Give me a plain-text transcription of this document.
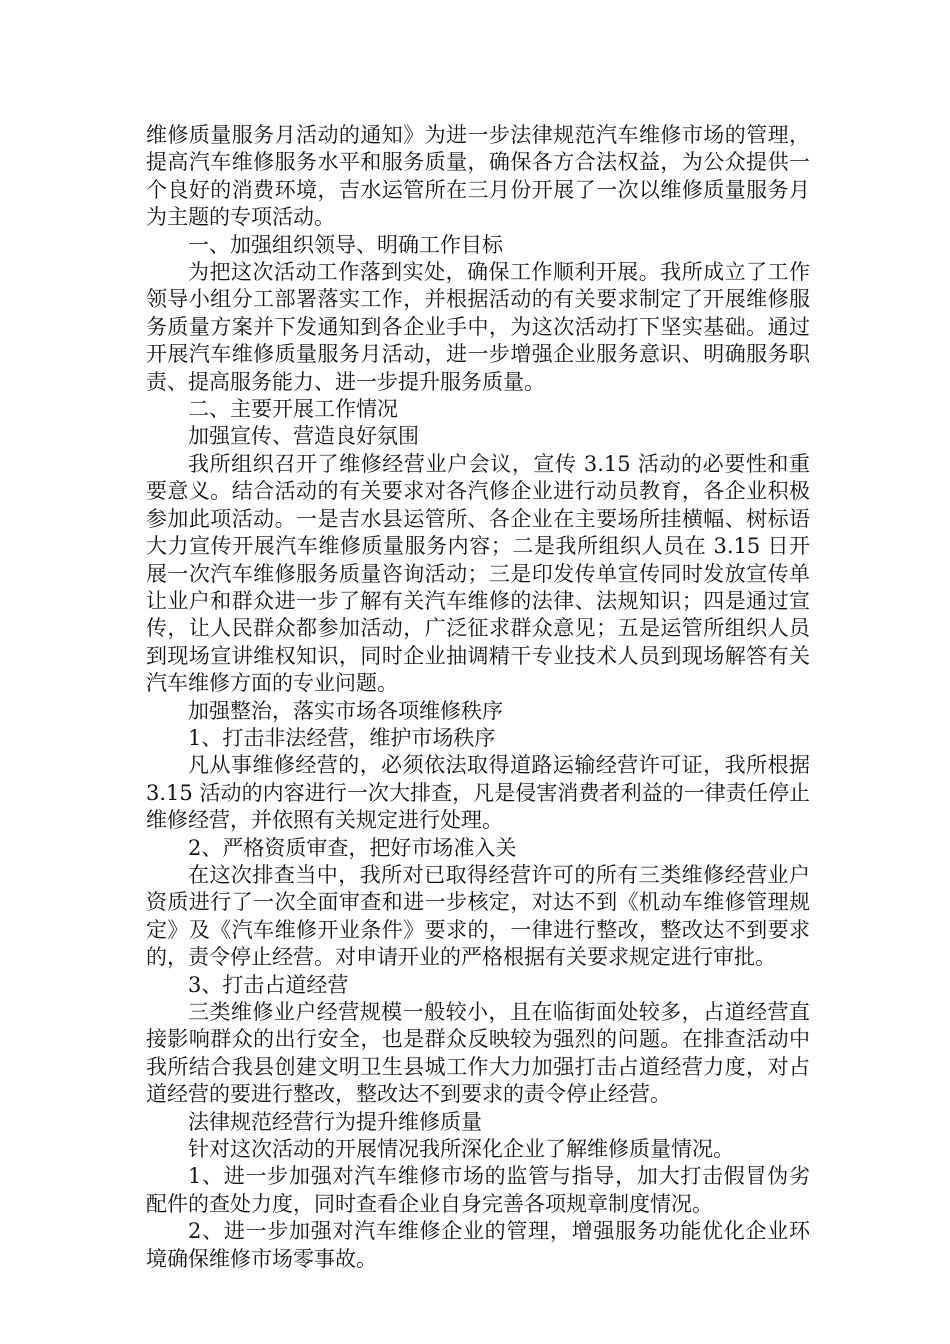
维修质量服务月活动的通知》为进一步法律规范汽车维修市场的管理，提高汽车维修服务水平和服务质量，确保各方合法权益，为公众提供一个良好的消费环境，吉水运管所在三月份开展了一次以维修质量服务月为主题的专项活动。

一、加强组织领导、明确工作目标

为把这次活动工作落到实处，确保工作顺利开展。我所成立了工作领导小组分工部署落实工作，并根据活动的有关要求制定了开展维修服务质量方案并下发通知到各企业手中，为这次活动打下坚实基础。通过开展汽车维修质量服务月活动，进一步增强企业服务意识、明确服务职责、提高服务能力、进一步提升服务质量。

二、主要开展工作情况

加强宣传、营造良好氛围

我所组织召开了维修经营业户会议，宣传 3.15 活动的必要性和重要意义。结合活动的有关要求对各汽修企业进行动员教育，各企业积极参加此项活动。一是吉水县运管所、各企业在主要场所挂横幅、树标语大力宣传开展汽车维修质量服务内容；二是我所组织人员在 3.15 日开展一次汽车维修服务质量咨询活动；三是印发传单宣传同时发放宣传单让业户和群众进一步了解有关汽车维修的法律、法规知识；四是通过宣传，让人民群众都参加活动，广泛征求群众意见；五是运管所组织人员到现场宣讲维权知识，同时企业抽调精干专业技术人员到现场解答有关汽车维修方面的专业问题。

加强整治，落实市场各项维修秩序

1、打击非法经营，维护市场秩序

凡从事维修经营的，必须依法取得道路运输经营许可证，我所根据 3.15 活动的内容进行一次大排查，凡是侵害消费者利益的一律责任停止维修经营，并依照有关规定进行处理。

2、严格资质审查，把好市场准入关

在这次排查当中，我所对已取得经营许可的所有三类维修经营业户资质进行了一次全面审查和进一步核定，对达不到《机动车维修管理规定》及《汽车维修开业条件》要求的，一律进行整改，整改达不到要求的，责令停止经营。对申请开业的严格根据有关要求规定进行审批。

3、打击占道经营

三类维修业户经营规模一般较小，且在临街面处较多，占道经营直接影响群众的出行安全，也是群众反映较为强烈的问题。在排查活动中我所结合我县创建文明卫生县城工作大力加强打击占道经营力度，对占道经营的要进行整改，整改达不到要求的责令停止经营。

法律规范经营行为提升维修质量

针对这次活动的开展情况我所深化企业了解维修质量情况。

1、进一步加强对汽车维修市场的监管与指导，加大打击假冒伪劣配件的查处力度，同时查看企业自身完善各项规章制度情况。

2、进一步加强对汽车维修企业的管理，增强服务功能优化企业环境确保维修市场零事故。
